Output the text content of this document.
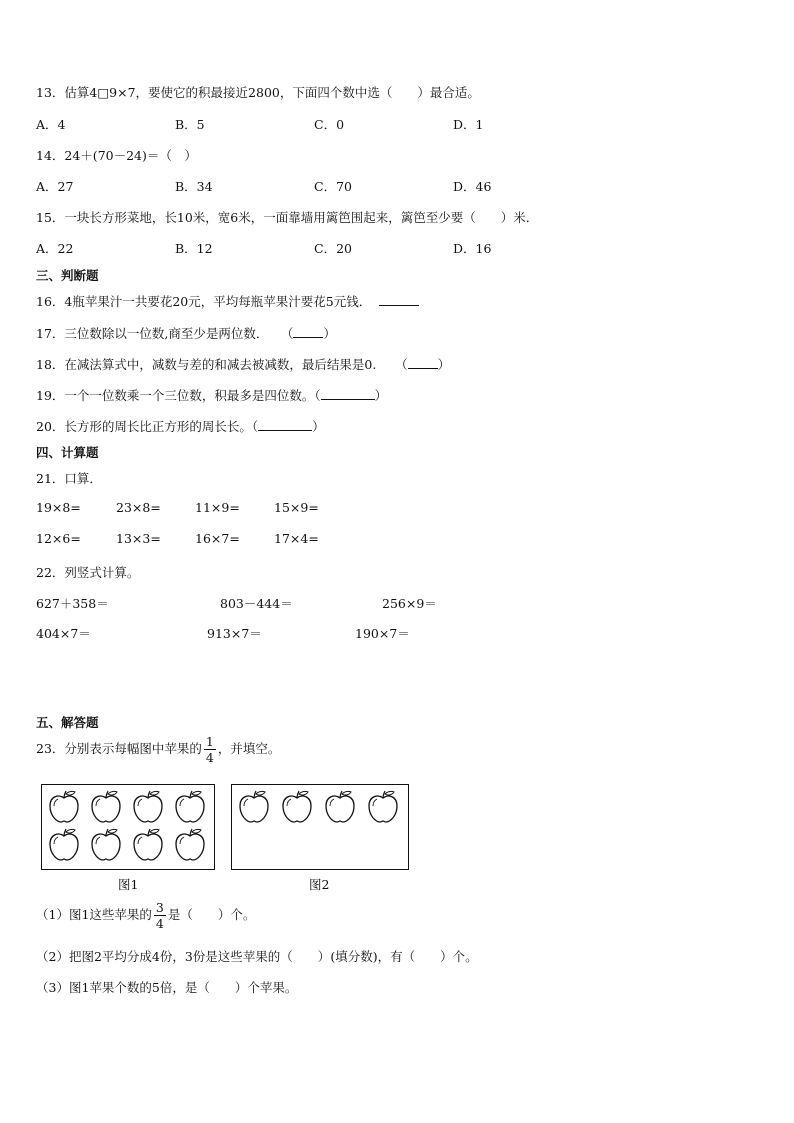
13．估算4□9×7，要使它的积最接近2800，下面四个数中选（　　）最合适。
A．4	B．5	C．0	D．1
14．24＋(70－24)＝（　）
A．27	B．34	C．70	D．46
15．一块长方形菜地，长10米，宽6米，一面靠墙用篱笆围起来，篱笆至少要（　　）米．
A．22	B．12	C．20	D．16
三、判断题
16．4瓶苹果汁一共要花20元，平均每瓶苹果汁要花5元钱．
17．三位数除以一位数,商至少是两位数．　　（ ）
18．在减法算式中，减数与差的和减去被减数，最后结果是0.　　（ ）
19．一个一位数乘一个三位数，积最多是四位数。（	）
20．长方形的周长比正方形的周长长。（	）
四、计算题
21．口算．
19×8=	23×8=	11×9=	15×9=
12×6=	13×3=	16×7=	17×4=
22．列竖式计算。
627＋358＝	803－444＝	256×9＝
404×7＝	913×7＝	190×7＝
五、解答题
23．分别表示每幅图中苹果的 $\frac{1}{4}$ ，并填空。
图1	图2
（1）图1这些苹果的 $\frac{3}{4}$ 是（　　）个。
（2）把图2平均分成4份，3份是这些苹果的（　　）(填分数)，有（　　）个。
（3）图1苹果个数的5倍，是（　　）个苹果。
